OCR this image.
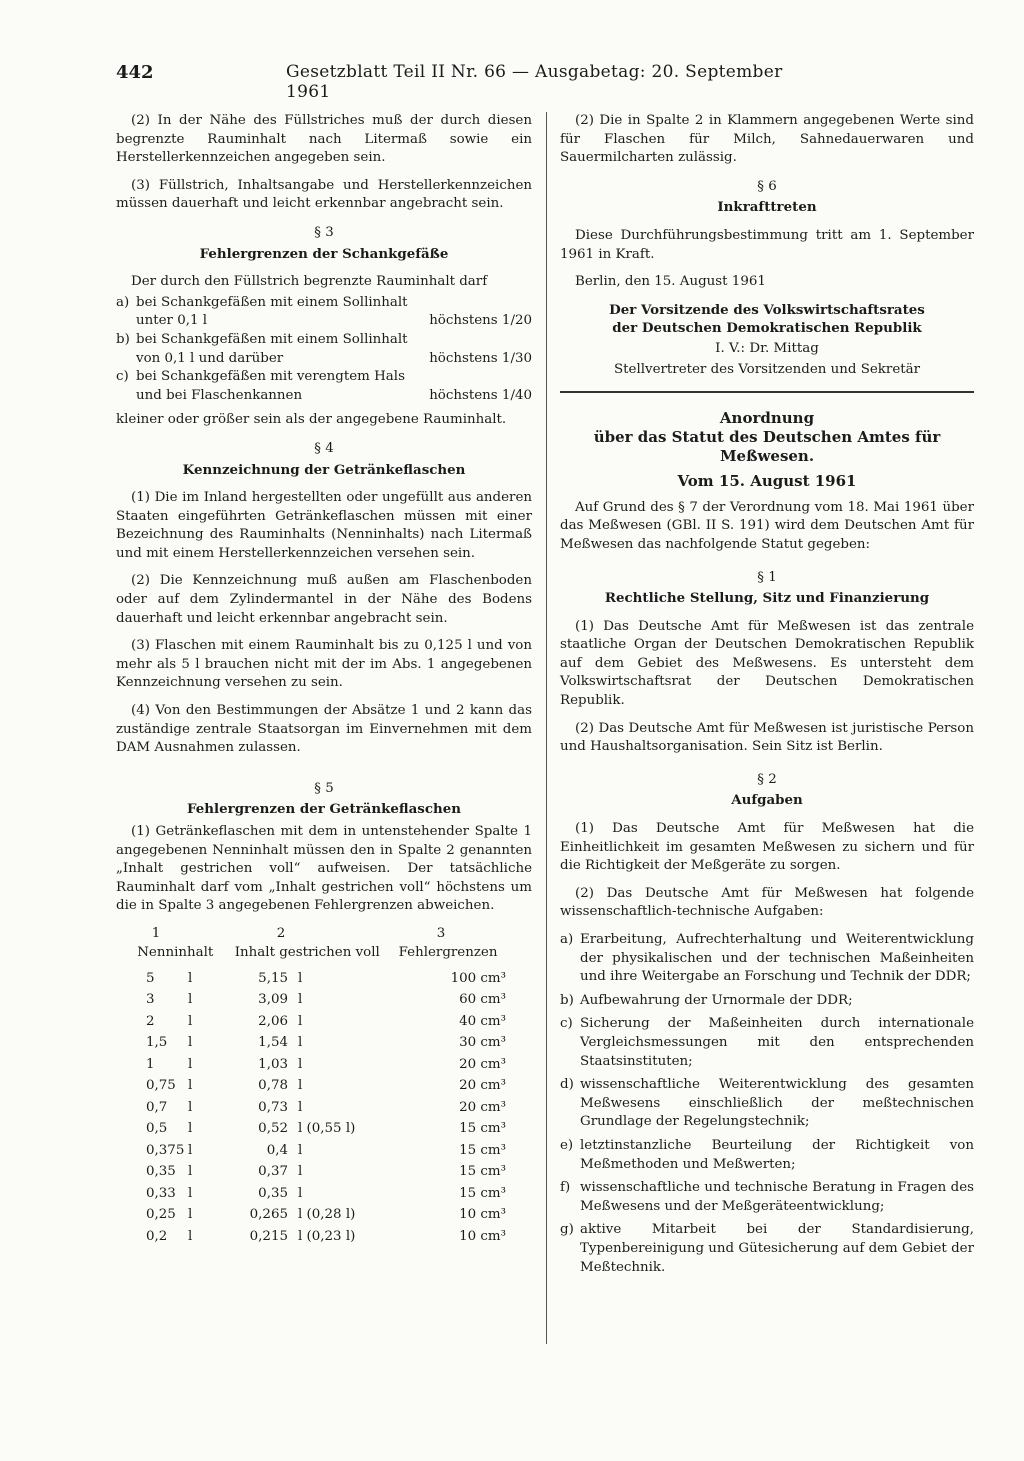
442	Gesetzblatt Teil II Nr. 66 — Ausgabetag: 20. September 1961

(2) In der Nähe des Füllstriches muß der durch diesen begrenzte Rauminhalt nach Litermaß sowie ein Herstellerkennzeichen angegeben sein.

(3) Füllstrich, Inhaltsangabe und Herstellerkennzeichen müssen dauerhaft und leicht erkennbar angebracht sein.

§ 3
Fehlergrenzen der Schankgefäße

Der durch den Füllstrich begrenzte Rauminhalt darf

a) bei Schankgefäßen mit einem Sollinhalt
unter 0,1 l	höchstens 1/20
b) bei Schankgefäßen mit einem Sollinhalt
von 0,1 l und darüber	höchstens 1/30
c) bei Schankgefäßen mit verengtem Hals
und bei Flaschenkannen	höchstens 1/40

kleiner oder größer sein als der angegebene Rauminhalt.

§ 4
Kennzeichnung der Getränkeflaschen

(1) Die im Inland hergestellten oder ungefüllt aus anderen Staaten eingeführten Getränkeflaschen müssen mit einer Bezeichnung des Rauminhalts (Nenninhalts) nach Litermaß und mit einem Herstellerkennzeichen versehen sein.

(2) Die Kennzeichnung muß außen am Flaschenboden oder auf dem Zylindermantel in der Nähe des Bodens dauerhaft und leicht erkennbar angebracht sein.

(3) Flaschen mit einem Rauminhalt bis zu 0,125 l und von mehr als 5 l brauchen nicht mit der im Abs. 1 angegebenen Kennzeichnung versehen zu sein.

(4) Von den Bestimmungen der Absätze 1 und 2 kann das zuständige zentrale Staatsorgan im Einvernehmen mit dem DAM Ausnahmen zulassen.

§ 5
Fehlergrenzen der Getränkeflaschen

(1) Getränkeflaschen mit dem in untenstehender Spalte 1 angegebenen Nenninhalt müssen den in Spalte 2 genannten „Inhalt gestrichen voll“ aufweisen. Der tatsächliche Rauminhalt darf vom „Inhalt gestrichen voll“ höchstens um die in Spalte 3 angegebenen Fehlergrenzen abweichen.

1	2	3
Nenninhalt	Inhalt gestrichen voll	Fehlergrenzen
5	l	5,15	l	100 cm³
3	l	3,09	l	60 cm³
2	l	2,06	l	40 cm³
1,5	l	1,54	l	30 cm³
1	l	1,03	l	20 cm³
0,75	l	0,78	l	20 cm³
0,7	l	0,73	l	20 cm³
0,5	l	0,52	l (0,55 l)	15 cm³
0,375	l	0,4	l	15 cm³
0,35	l	0,37	l	15 cm³
0,33	l	0,35	l	15 cm³
0,25	l	0,265	l (0,28 l)	10 cm³
0,2	l	0,215	l (0,23 l)	10 cm³

(2) Die in Spalte 2 in Klammern angegebenen Werte sind für Flaschen für Milch, Sahnedauerwaren und Sauermilcharten zulässig.

§ 6
Inkrafttreten

Diese Durchführungsbestimmung tritt am 1. September 1961 in Kraft.

Berlin, den 15. August 1961

Der Vorsitzende des Volkswirtschaftsrates
der Deutschen Demokratischen Republik
I. V.: Dr. Mittag
Stellvertreter des Vorsitzenden und Sekretär
Anordnung
über das Statut des Deutschen Amtes für Meßwesen.
Vom 15. August 1961

Auf Grund des § 7 der Verordnung vom 18. Mai 1961 über das Meßwesen (GBl. II S. 191) wird dem Deutschen Amt für Meßwesen das nachfolgende Statut gegeben:

§ 1
Rechtliche Stellung, Sitz und Finanzierung

(1) Das Deutsche Amt für Meßwesen ist das zentrale staatliche Organ der Deutschen Demokratischen Republik auf dem Gebiet des Meßwesens. Es untersteht dem Volkswirtschaftsrat der Deutschen Demokratischen Republik.

(2) Das Deutsche Amt für Meßwesen ist juristische Person und Haushaltsorganisation. Sein Sitz ist Berlin.

§ 2
Aufgaben

(1) Das Deutsche Amt für Meßwesen hat die Einheitlichkeit im gesamten Meßwesen zu sichern und für die Richtigkeit der Meßgeräte zu sorgen.

(2) Das Deutsche Amt für Meßwesen hat folgende wissenschaftlich-technische Aufgaben:

a) Erarbeitung, Aufrechterhaltung und Weiterentwicklung der physikalischen und der technischen Maßeinheiten und ihre Weitergabe an Forschung und Technik der DDR;
b) Aufbewahrung der Urnormale der DDR;
c) Sicherung der Maßeinheiten durch internationale Vergleichsmessungen mit den entsprechenden Staatsinstituten;
d) wissenschaftliche Weiterentwicklung des gesamten Meßwesens einschließlich der meßtechnischen Grundlage der Regelungstechnik;
e) letztinstanzliche Beurteilung der Richtigkeit von Meßmethoden und Meßwerten;
f) wissenschaftliche und technische Beratung in Fragen des Meßwesens und der Meßgeräteentwicklung;
g) aktive Mitarbeit bei der Standardisierung, Typenbereinigung und Gütesicherung auf dem Gebiet der Meßtechnik.
